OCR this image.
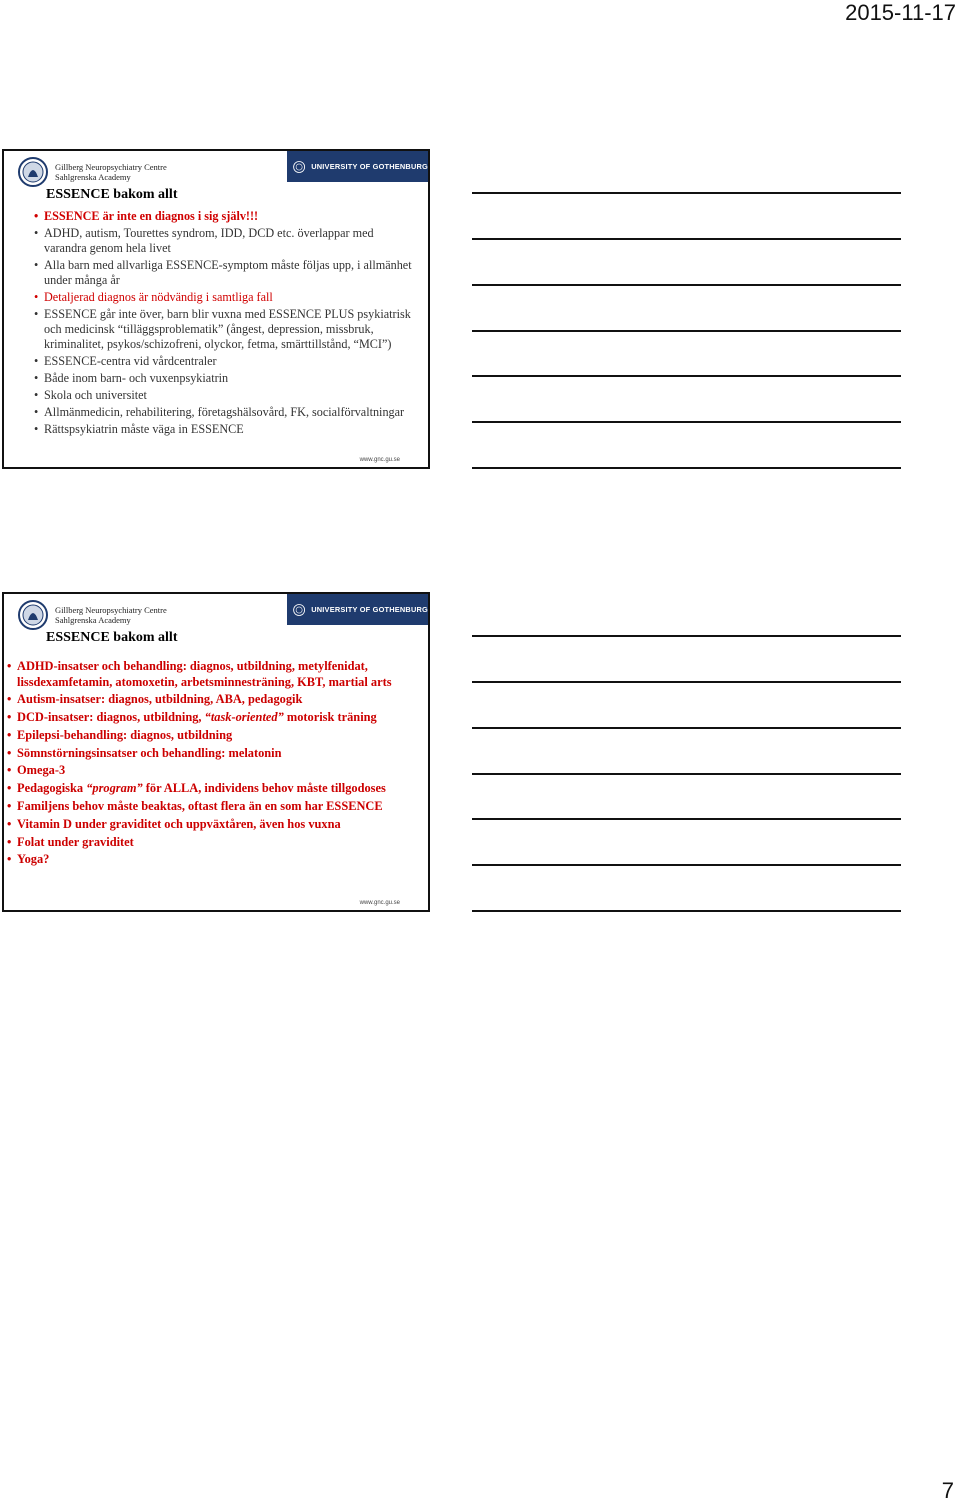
2015-11-17
Gillberg Neuropsychiatry Centre
Sahlgrenska Academy
UNIVERSITY OF GOTHENBURG
ESSENCE bakom allt
• ESSENCE är inte en diagnos i sig själv!!!
• ADHD, autism, Tourettes syndrom, IDD, DCD etc. överlappar med varandra genom hela livet
• Alla barn med allvarliga ESSENCE-symptom måste följas upp, i allmänhet under många år
• Detaljerad diagnos är nödvändig i samtliga fall
• ESSENCE går inte över, barn blir vuxna med ESSENCE PLUS psykiatrisk och medicinsk “tilläggsproblematik” (ångest, depression, missbruk, kriminalitet, psykos/schizofreni, olyckor, fetma, smärttillstånd, “MCI”)
• ESSENCE-centra vid vårdcentraler
• Både inom barn- och vuxenpsykiatrin
• Skola och universitet
• Allmänmedicin, rehabilitering, företagshälsovård, FK, socialförvaltningar
• Rättspsykiatrin måste väga in ESSENCE
www.gnc.gu.se
Gillberg Neuropsychiatry Centre
Sahlgrenska Academy
UNIVERSITY OF GOTHENBURG
ESSENCE bakom allt
• ADHD-insatser och behandling: diagnos, utbildning, metylfenidat,
lissdexamfetamin, atomoxetin, arbetsminnesträning, KBT, martial arts
• Autism-insatser: diagnos, utbildning, ABA, pedagogik
• DCD-insatser: diagnos, utbildning, “task-oriented” motorisk träning
• Epilepsi-behandling: diagnos, utbildning
• Sömnstörningsinsatser och behandling: melatonin
• Omega-3
• Pedagogiska “program” för ALLA, individens behov måste tillgodoses
• Familjens behov måste beaktas, oftast flera än en som har ESSENCE
• Vitamin D under graviditet och uppväxtåren, även hos vuxna
• Folat under graviditet
• Yoga?
www.gnc.gu.se
7
